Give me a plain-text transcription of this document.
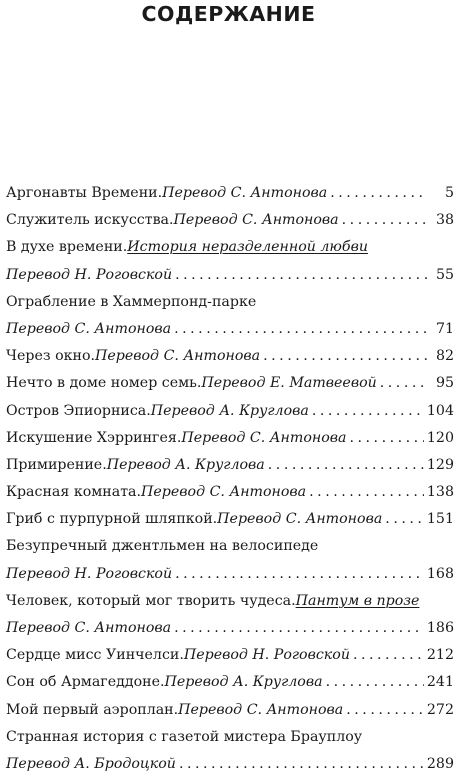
СОДЕРЖАНИЕ
Аргонавты Времени. Перевод С. Антонова . . .	5
Служитель искусства. Перевод С. Антонова . . .	38
В духе времени. История неразделенной любви
Перевод Н. Роговской . . .	55
Ограбление в Хаммерпонд-парке
Перевод С. Антонова . . .	71
Через окно. Перевод С. Антонова . . .	82
Нечто в доме номер семь. Перевод Е. Матвеевой . . .	95
Остров Эпиорниса. Перевод А. Круглова . . .	104
Искушение Хэррингея. Перевод С. Антонова . . .	120
Примирение. Перевод А. Круглова . . .	129
Красная комната. Перевод С. Антонова . . .	138
Гриб с пурпурной шляпкой. Перевод С. Антонова . . .	151
Безупречный джентльмен на велосипеде
Перевод Н. Роговской . . .	168
Человек, который мог творить чудеса. Пантум в прозе
Перевод С. Антонова . . .	186
Сердце мисс Уинчелси. Перевод Н. Роговской . . .	212
Сон об Армагеддоне. Перевод А. Круглова . . .	241
Мой первый аэроплан. Перевод С. Антонова . . .	272
Странная история с газетой мистера Брауплоу
Перевод А. Бродоцкой . . .	289
